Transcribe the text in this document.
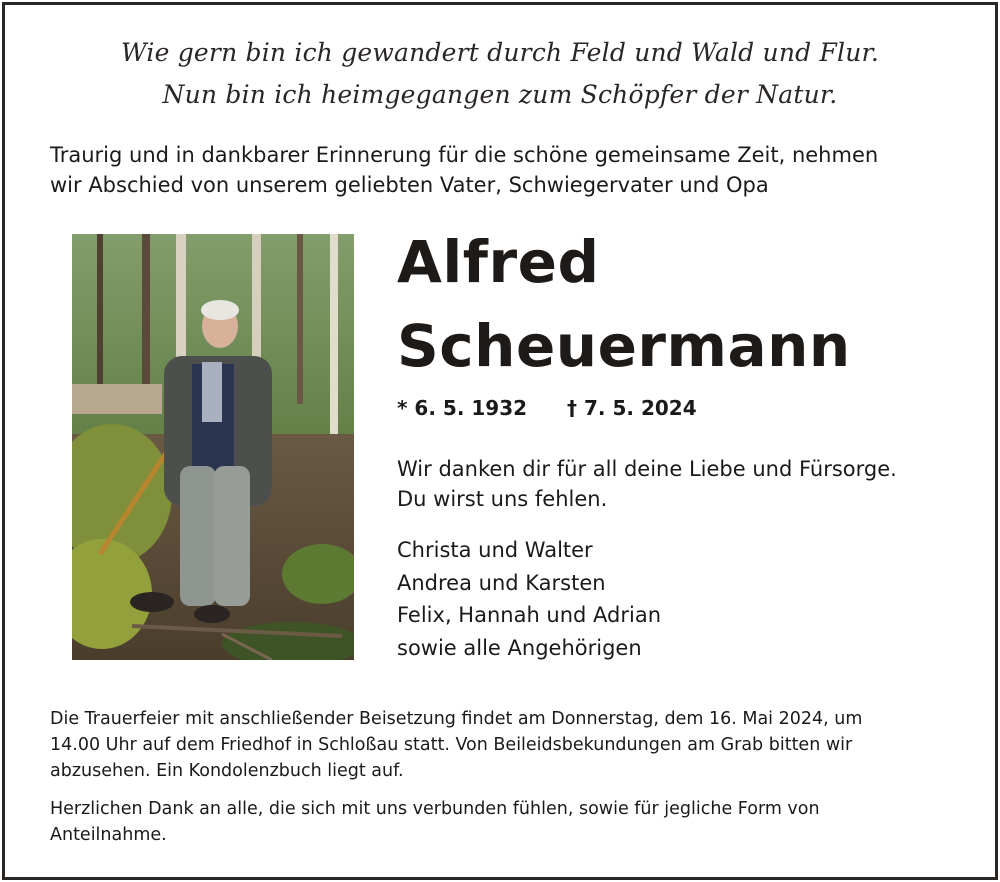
Wie gern bin ich gewandert durch Feld und Wald und Flur.
Nun bin ich heimgegangen zum Schöpfer der Natur.
Traurig und in dankbarer Erinnerung für die schöne gemeinsame Zeit, nehmen
wir Abschied von unserem geliebten Vater, Schwiegervater und Opa
Alfred
Scheuermann
* 6. 5. 1932 † 7. 5. 2024
Wir danken dir für all deine Liebe und Fürsorge.
Du wirst uns fehlen.
Christa und Walter
Andrea und Karsten
Felix, Hannah und Adrian
sowie alle Angehörigen
Die Trauerfeier mit anschließender Beisetzung findet am Donnerstag, dem 16. Mai 2024, um
14.00 Uhr auf dem Friedhof in Schloßau statt. Von Beileidsbekundungen am Grab bitten wir
abzusehen. Ein Kondolenzbuch liegt auf.
Herzlichen Dank an alle, die sich mit uns verbunden fühlen, sowie für jegliche Form von
Anteilnahme.
